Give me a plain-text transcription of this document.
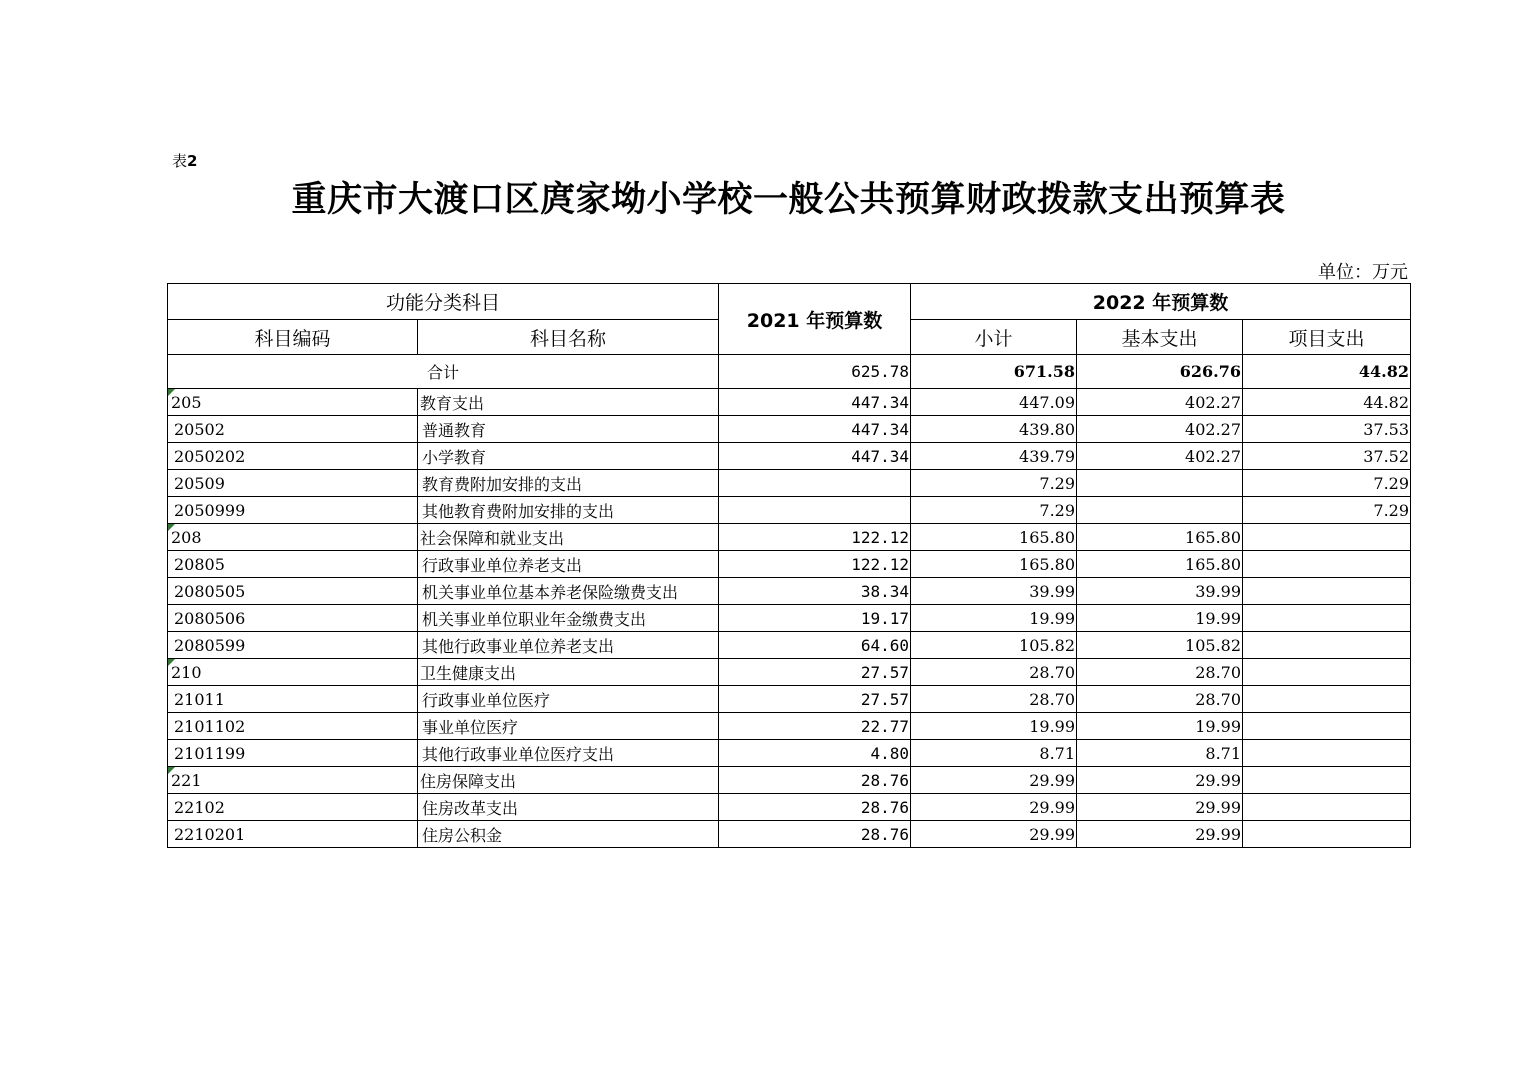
表2
重庆市大渡口区庹家坳小学校一般公共预算财政拨款支出预算表
单位：万元
功能分类科目		2021 年预算数	2022 年预算数		
科目编码	科目名称		小计	基本支出	项目支出
合计		625.78	671.58	626.76	44.82
205	教育支出	447.34	447.09	402.27	44.82
20502	普通教育	447.34	439.80	402.27	37.53
2050202	小学教育	447.34	439.79	402.27	37.52
20509	教育费附加安排的支出		7.29		7.29
2050999	其他教育费附加安排的支出		7.29		7.29
208	社会保障和就业支出	122.12	165.80	165.80	
20805	行政事业单位养老支出	122.12	165.80	165.80	
2080505	机关事业单位基本养老保险缴费支出	38.34	39.99	39.99	
2080506	机关事业单位职业年金缴费支出	19.17	19.99	19.99	
2080599	其他行政事业单位养老支出	64.60	105.82	105.82	
210	卫生健康支出	27.57	28.70	28.70	
21011	行政事业单位医疗	27.57	28.70	28.70	
2101102	事业单位医疗	22.77	19.99	19.99	
2101199	其他行政事业单位医疗支出	4.80	8.71	8.71	
221	住房保障支出	28.76	29.99	29.99	
22102	住房改革支出	28.76	29.99	29.99	
2210201	住房公积金	28.76	29.99	29.99	
